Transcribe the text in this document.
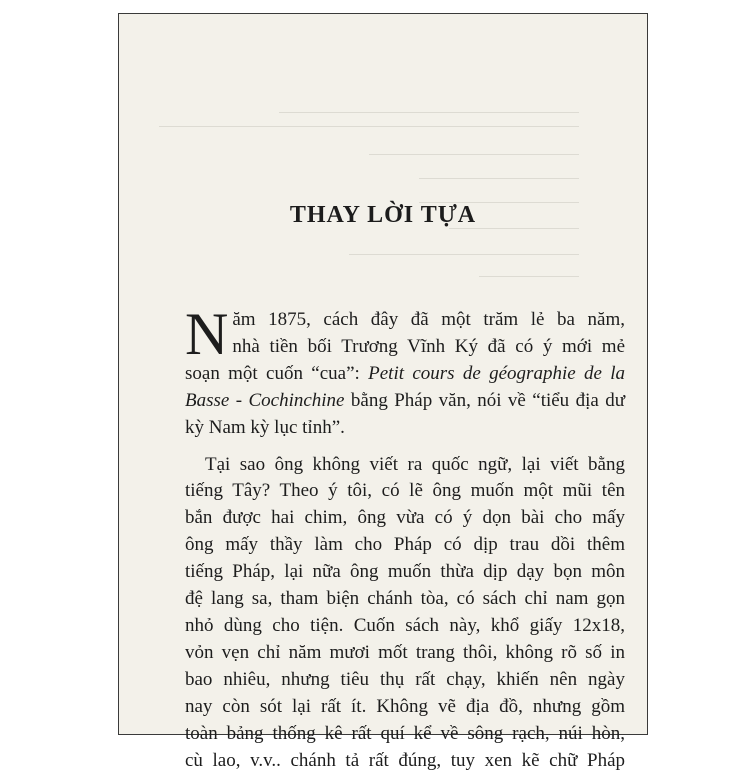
THAY LỜI TỰA

N ăm 1875, cách đây đã một trăm lẻ ba năm,
nhà tiền bối Trương Vĩnh Ký đã có ý mới mẻ
soạn một cuốn “cua”: Petit cours de géographie de la
Basse - Cochinchine bằng Pháp văn, nói về “tiểu địa dư
kỳ Nam kỳ lục tỉnh”.

Tại sao ông không viết ra quốc ngữ, lại viết bằng
tiếng Tây? Theo ý tôi, có lẽ ông muốn một mũi tên
bắn được hai chim, ông vừa có ý dọn bài cho mấy
ông mấy thầy làm cho Pháp có dịp trau dồi thêm
tiếng Pháp, lại nữa ông muốn thừa dịp dạy bọn môn
đệ lang sa, tham biện chánh tòa, có sách chỉ nam gọn
nhỏ dùng cho tiện. Cuốn sách này, khổ giấy 12x18,
vỏn vẹn chỉ năm mươi mốt trang thôi, không rõ số in
bao nhiêu, nhưng tiêu thụ rất chạy, khiến nên ngày
nay còn sót lại rất ít. Không vẽ địa đồ, nhưng gồm
toàn bảng thống kê rất quí kể về sông rạch, núi hòn,
cù lao, v.v.. chánh tả rất đúng, tuy xen kẽ chữ Pháp
